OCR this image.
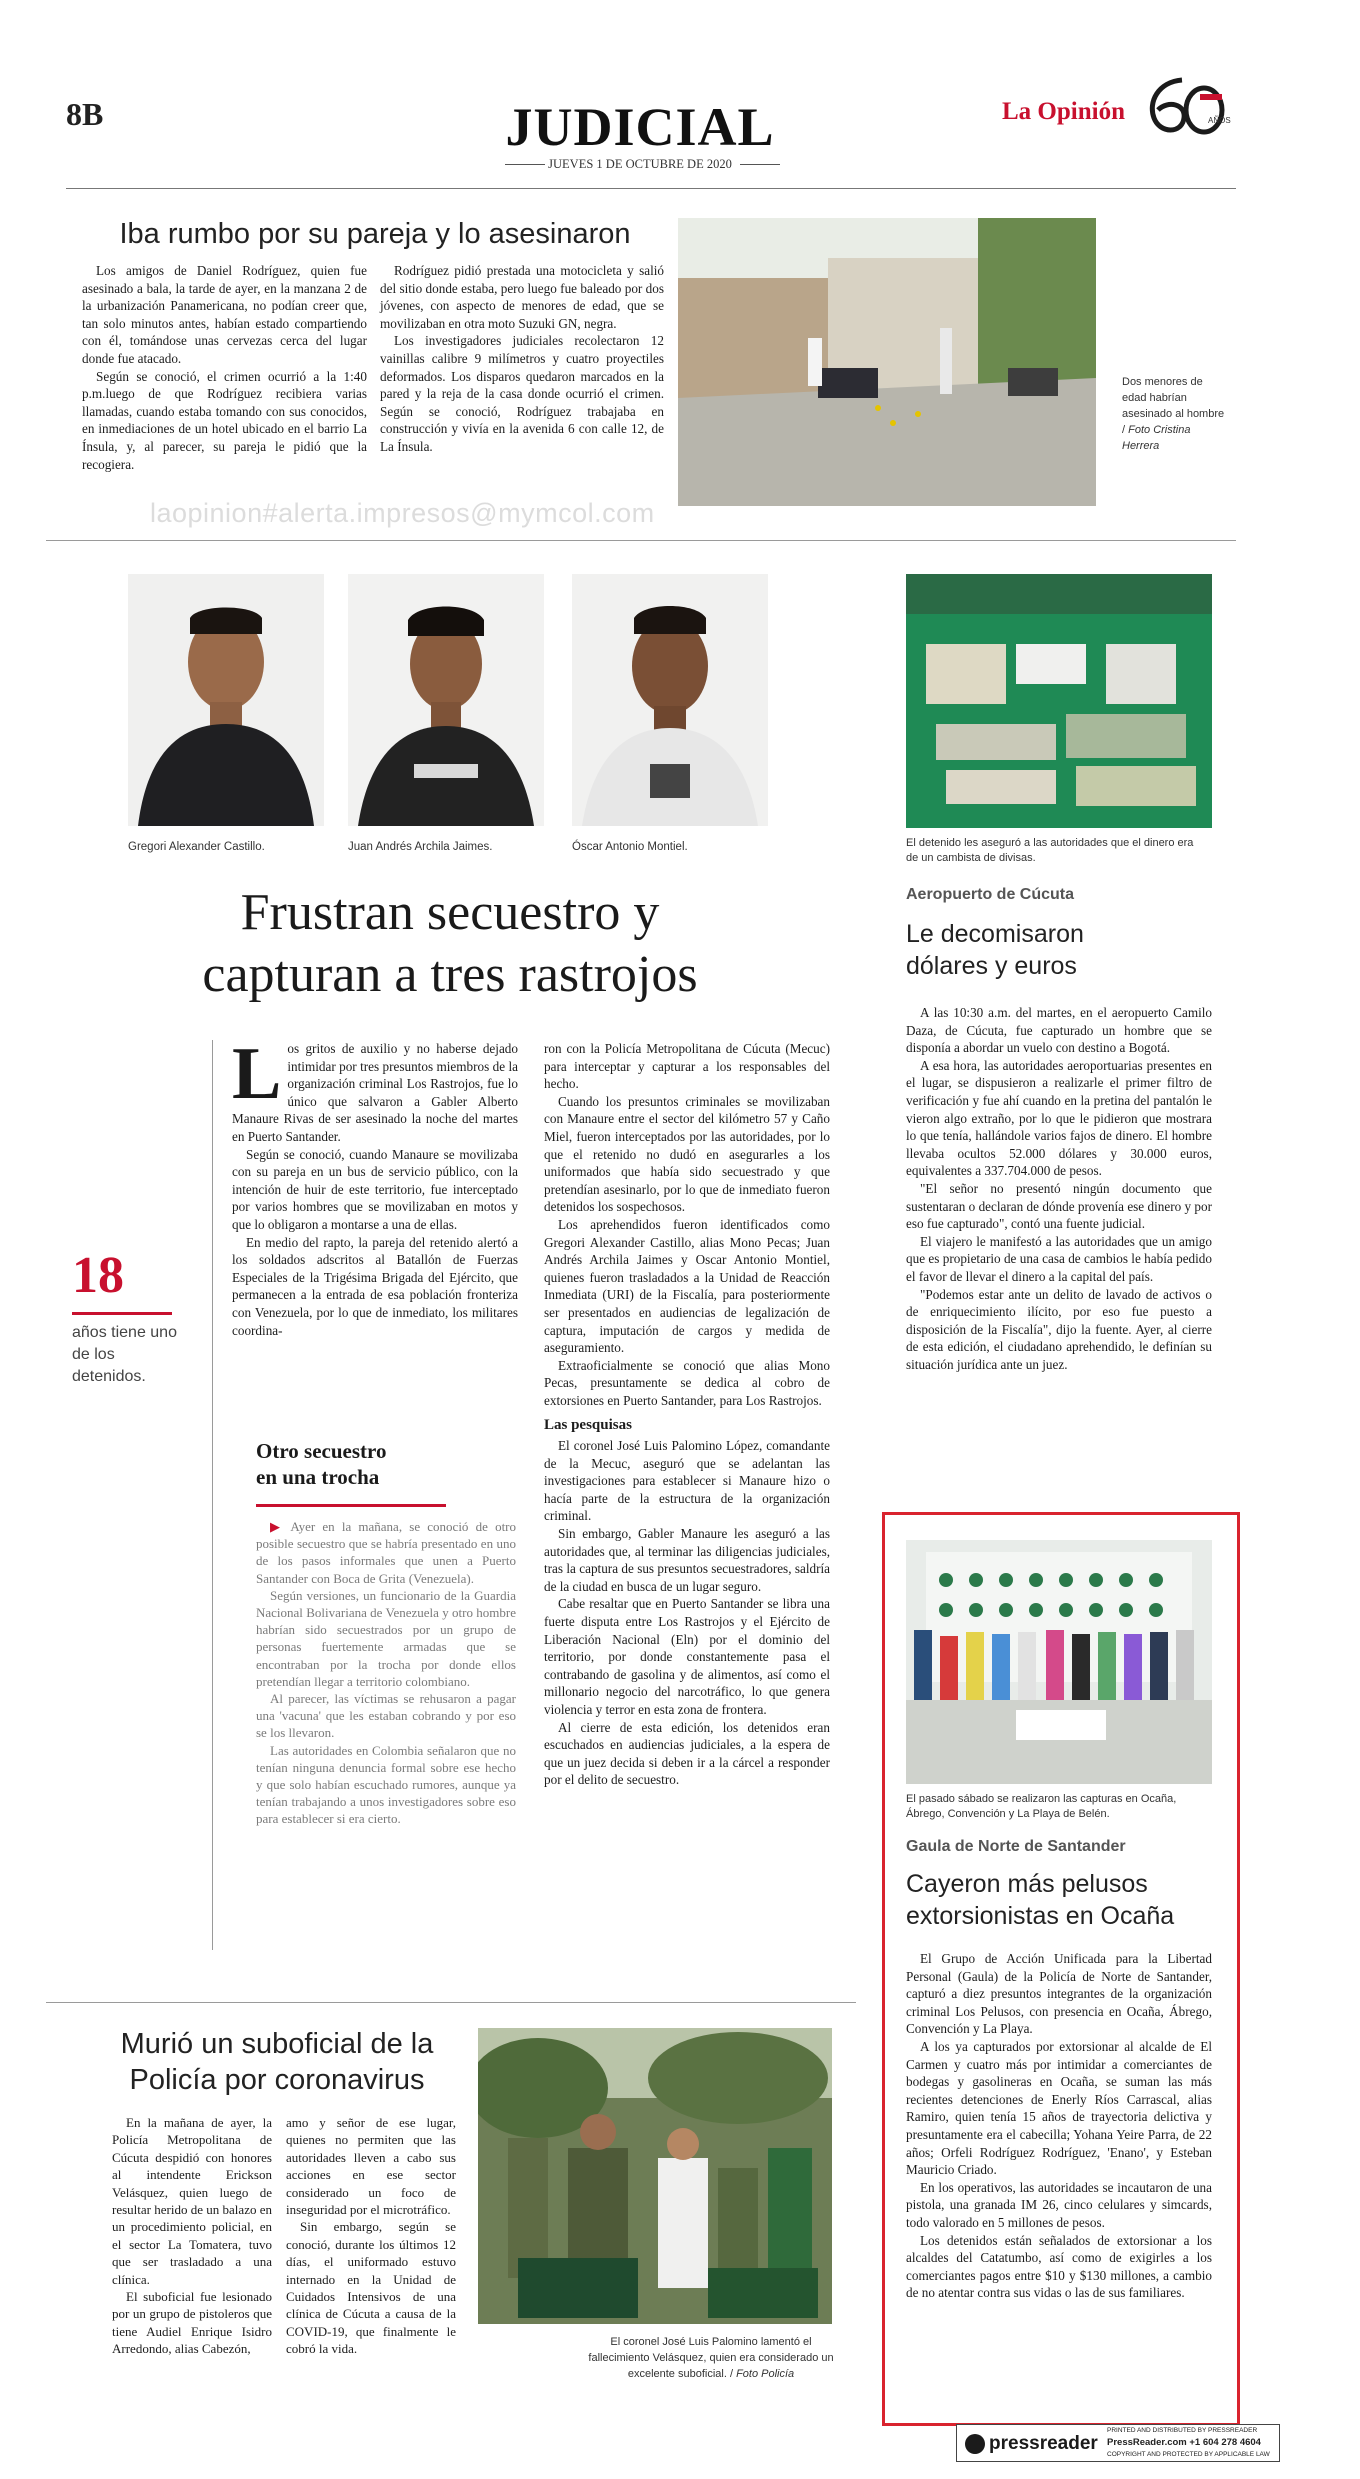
8B	JUDICIAL
JUEVES 1 DE OCTUBRE DE 2020
La Opinión	AÑOS
Iba rumbo por su pareja y lo asesinaron

Los amigos de Daniel Rodríguez, quien fue asesinado a bala, la tarde de ayer, en la manzana 2 de la urbanización Panamericana, no podían creer que, tan solo minutos antes, habían estado compartiendo con él, tomándose unas cervezas cerca del lugar donde fue atacado.

Según se conoció, el crimen ocurrió a la 1:40 p.m.luego de que Rodríguez recibiera varias llamadas, cuando estaba tomando con sus conocidos, en inmediaciones de un hotel ubicado en el barrio La Ínsula, y, al parecer, su pareja le pidió que la recogiera.

Rodríguez pidió prestada una motocicleta y salió del sitio donde estaba, pero luego fue baleado por dos jóvenes, con aspecto de menores de edad, que se movilizaban en otra moto Suzuki GN, negra.

Los investigadores judiciales recolectaron 12 vainillas calibre 9 milímetros y cuatro proyectiles deformados. Los disparos quedaron marcados en la pared y la reja de la casa donde ocurrió el crimen. Según se conoció, Rodríguez trabajaba en construcción y vivía en la avenida 6 con calle 12, de La Ínsula.

Dos menores de edad habrían asesinado al hombre / Foto Cristina Herrera
laopinion#alerta.impresos@mymcol.com
Gregori Alexander Castillo.	Juan Andrés Archila Jaimes.	Óscar Antonio Montiel.
Frustran secuestro y
capturan a tres rastrojos
18
años tiene uno de los detenidos.

L os gritos de auxilio y no haberse dejado intimidar por tres presuntos miembros de la organización criminal Los Rastrojos, fue lo único que salvaron a Gabler Alberto Manaure Rivas de ser asesinado la noche del martes en Puerto Santander.

Según se conoció, cuando Manaure se movilizaba con su pareja en un bus de servicio público, con la intención de huir de este territorio, fue interceptado por varios hombres que se movilizaban en motos y que lo obligaron a montarse a una de ellas.

En medio del rapto, la pareja del retenido alertó a los soldados adscritos al Batallón de Fuerzas Especiales de la Trigésima Brigada del Ejército, que permanecen a la entrada de esa población fronteriza con Venezuela, por lo que de inmediato, los militares coordina-

Otro secuestro
en una trocha

▶ Ayer en la mañana, se conoció de otro posible secuestro que se habría presentado en uno de los pasos informales que unen a Puerto Santander con Boca de Grita (Venezuela).

Según versiones, un funcionario de la Guardia Nacional Bolivariana de Venezuela y otro hombre habrían sido secuestrados por un grupo de personas fuertemente armadas que se encontraban por la trocha por donde ellos pretendían llegar a territorio colombiano.

Al parecer, las víctimas se rehusaron a pagar una 'vacuna' que les estaban cobrando y por eso se los llevaron.

Las autoridades en Colombia señalaron que no tenían ninguna denuncia formal sobre ese hecho y que solo habían escuchado rumores, aunque ya tenían trabajando a unos investigadores sobre eso para establecer si era cierto.

ron con la Policía Metropolitana de Cúcuta (Mecuc) para interceptar y capturar a los responsables del hecho.

Cuando los presuntos criminales se movilizaban con Manaure entre el sector del kilómetro 57 y Caño Miel, fueron interceptados por las autoridades, por lo que el retenido no dudó en asegurarles a los uniformados que había sido secuestrado y que pretendían asesinarlo, por lo que de inmediato fueron detenidos los sospechosos.

Los aprehendidos fueron identificados como Gregori Alexander Castillo, alias Mono Pecas; Juan Andrés Archila Jaimes y Oscar Antonio Montiel, quienes fueron trasladados a la Unidad de Reacción Inmediata (URI) de la Fiscalía, para posteriormente ser presentados en audiencias de legalización de captura, imputación de cargos y medida de aseguramiento.

Extraoficialmente se conoció que alias Mono Pecas, presuntamente se dedica al cobro de extorsiones en Puerto Santander, para Los Rastrojos.

Las pesquisas

El coronel José Luis Palomino López, comandante de la Mecuc, aseguró que se adelantan las investigaciones para establecer si Manaure hizo o hacía parte de la estructura de la organización criminal.

Sin embargo, Gabler Manaure les aseguró a las autoridades que, al terminar las diligencias judiciales, tras la captura de sus presuntos secuestradores, saldría de la ciudad en busca de un lugar seguro.

Cabe resaltar que en Puerto Santander se libra una fuerte disputa entre Los Rastrojos y el Ejército de Liberación Nacional (Eln) por el dominio del territorio, por donde constantemente pasa el contrabando de gasolina y de alimentos, así como el millonario negocio del narcotráfico, lo que genera violencia y terror en esta zona de frontera.

Al cierre de esta edición, los detenidos eran escuchados en audiencias judiciales, a la espera de que un juez decida si deben ir a la cárcel a responder por el delito de secuestro.

El detenido les aseguró a las autoridades que el dinero era de un cambista de divisas.
Aeropuerto de Cúcuta
Le decomisaron
dólares y euros

A las 10:30 a.m. del martes, en el aeropuerto Camilo Daza, de Cúcuta, fue capturado un hombre que se disponía a abordar un vuelo con destino a Bogotá.

A esa hora, las autoridades aeroportuarias presentes en el lugar, se dispusieron a realizarle el primer filtro de verificación y fue ahí cuando en la pretina del pantalón le vieron algo extraño, por lo que le pidieron que mostrara lo que tenía, hallándole varios fajos de dinero. El hombre llevaba ocultos 52.000 dólares y 30.000 euros, equivalentes a 337.704.000 de pesos.

"El señor no presentó ningún documento que sustentaran o declaran de dónde provenía ese dinero y por eso fue capturado", contó una fuente judicial.

El viajero le manifestó a las autoridades que un amigo que es propietario de una casa de cambios le había pedido el favor de llevar el dinero a la capital del país.

"Podemos estar ante un delito de lavado de activos o de enriquecimiento ilícito, por eso fue puesto a disposición de la Fiscalía", dijo la fuente. Ayer, al cierre de esta edición, el ciudadano aprehendido, le definían su situación jurídica ante un juez.

El pasado sábado se realizaron las capturas en Ocaña, Ábrego, Convención y La Playa de Belén.
Gaula de Norte de Santander
Cayeron más pelusos
extorsionistas en Ocaña

El Grupo de Acción Unificada para la Libertad Personal (Gaula) de la Policía de Norte de Santander, capturó a diez presuntos integrantes de la organización criminal Los Pelusos, con presencia en Ocaña, Ábrego, Convención y La Playa.

A los ya capturados por extorsionar al alcalde de El Carmen y cuatro más por intimidar a comerciantes de bodegas y gasolineras en Ocaña, se suman las más recientes detenciones de Enerly Ríos Carrascal, alias Ramiro, quien tenía 15 años de trayectoria delictiva y presuntamente era el cabecilla; Yohana Yeire Parra, de 22 años; Orfeli Rodríguez Rodríguez, 'Enano', y Esteban Mauricio Criado.

En los operativos, las autoridades se incautaron de una pistola, una granada IM 26, cinco celulares y simcards, todo valorado en 5 millones de pesos.

Los detenidos están señalados de extorsionar a los alcaldes del Catatumbo, así como de exigirles a los comerciantes pagos entre $10 y $130 millones, a cambio de no atentar contra sus vidas o las de sus familiares.

Murió un suboficial de la
Policía por coronavirus

En la mañana de ayer, la Policía Metropolitana de Cúcuta despidió con honores al intendente Erickson Velásquez, quien luego de resultar herido de un balazo en un procedimiento policial, en el sector La Tomatera, tuvo que ser trasladado a una clínica.

El suboficial fue lesionado por un grupo de pistoleros que tiene Audiel Enrique Isidro Arredondo, alias Cabezón,

amo y señor de ese lugar, quienes no permiten que las autoridades lleven a cabo sus acciones en ese sector considerado un foco de inseguridad por el microtráfico.

Sin embargo, según se conoció, durante los últimos 12 días, el uniformado estuvo internado en la Unidad de Cuidados Intensivos de una clínica de Cúcuta a causa de la COVID-19, que finalmente le cobró la vida.	El coronel José Luis Palomino lamentó el fallecimiento Velásquez, quien era considerado un excelente suboficial. / Foto Policía
pressreader
PRINTED AND DISTRIBUTED BY PRESSREADER
PressReader.com +1 604 278 4604
COPYRIGHT AND PROTECTED BY APPLICABLE LAW
